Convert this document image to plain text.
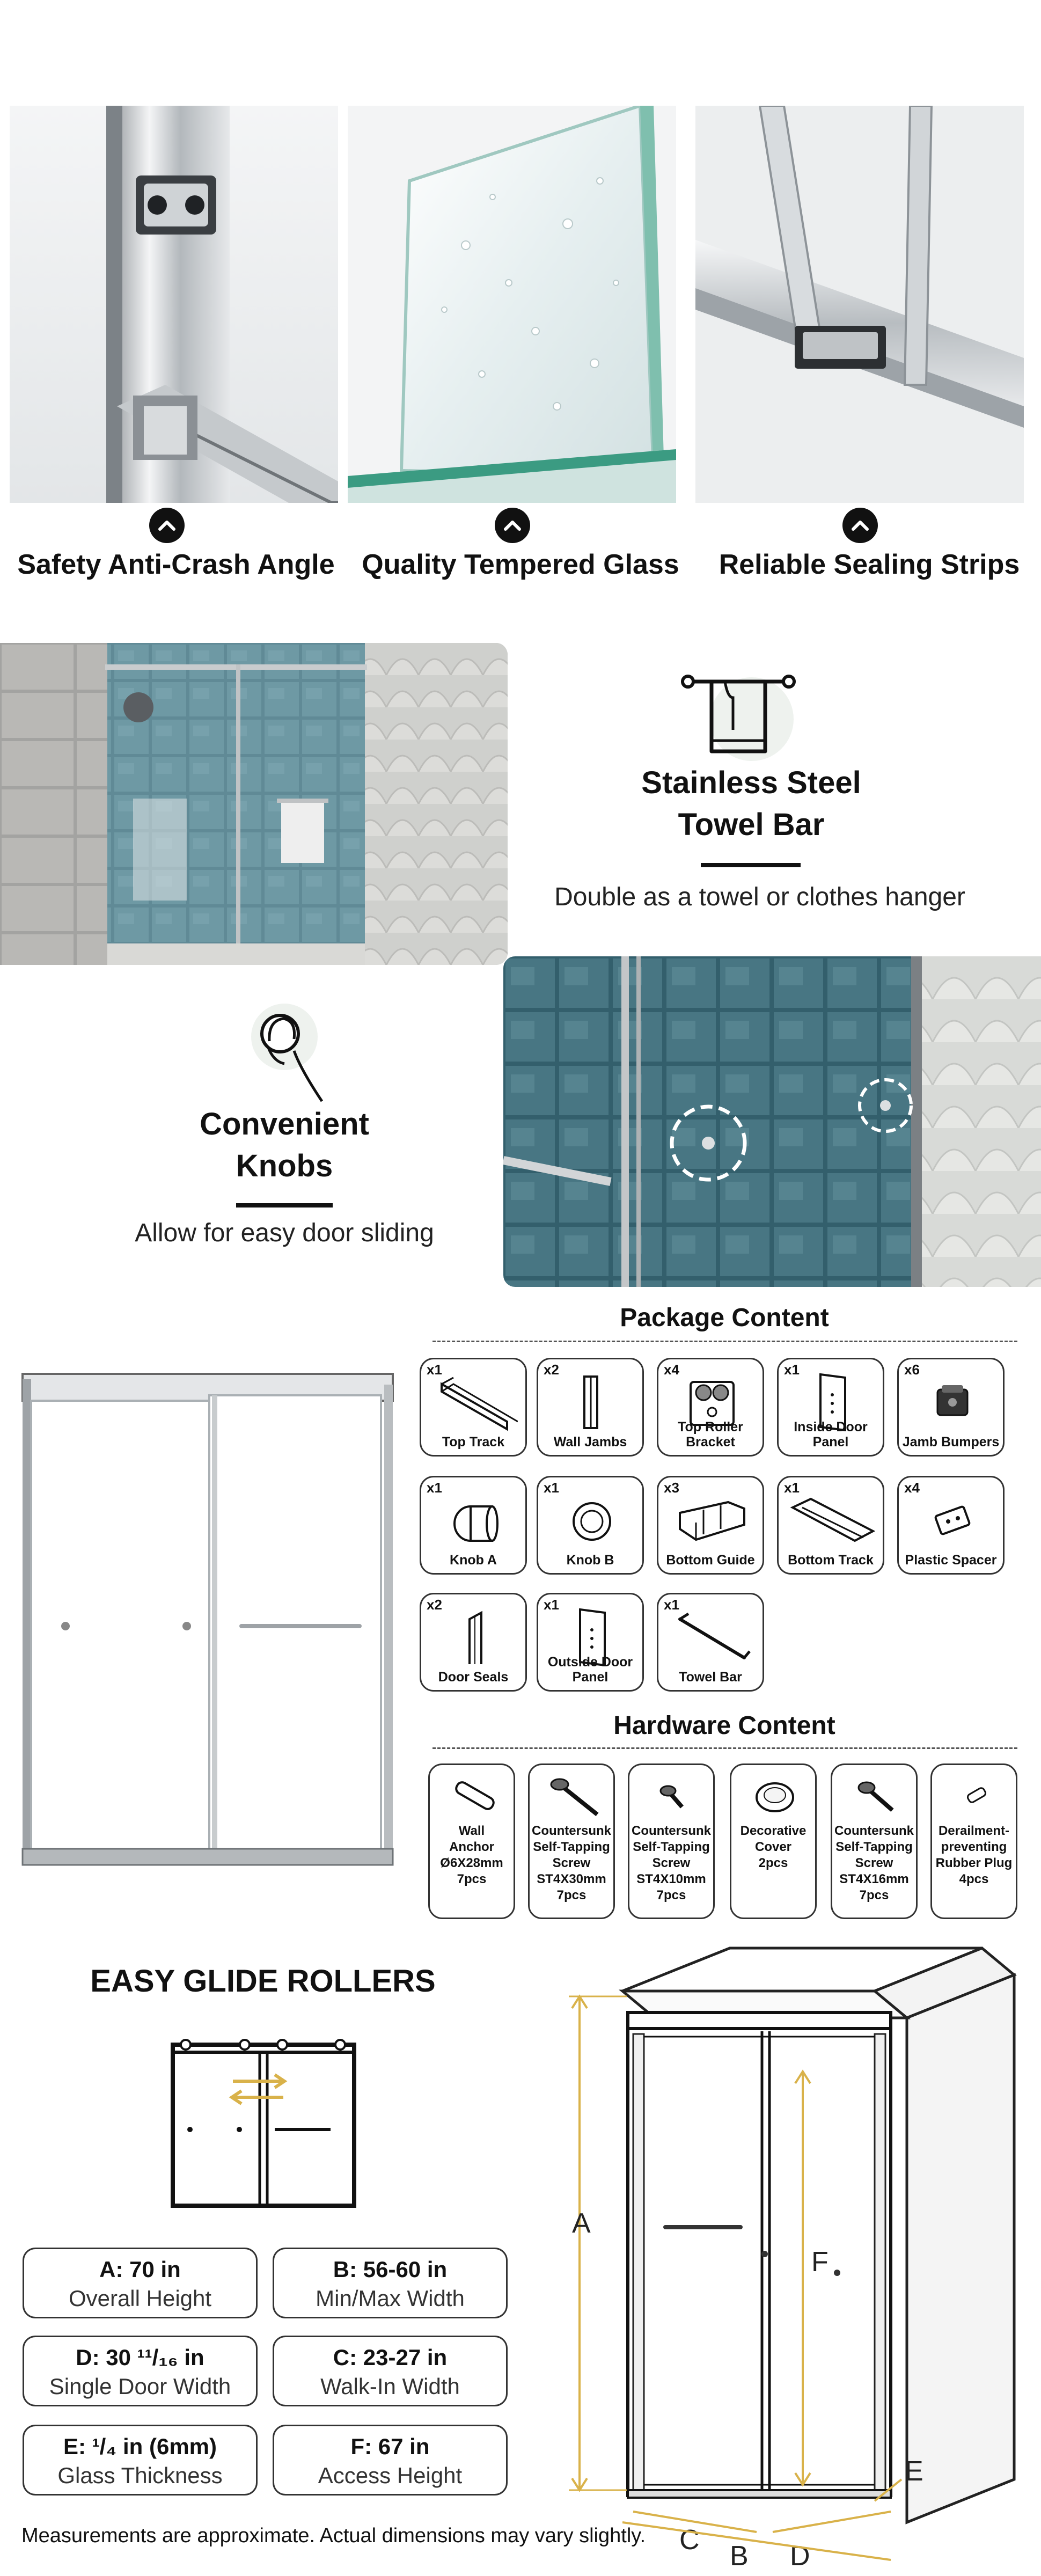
Safety Anti-Crash Angle Quality Tempered Glass	Reliable Sealing Strips
Stainless Steel
Towel Bar
Double as a towel or clothes hanger
Convenient
Knobs
Allow for easy door sliding
Package Content
x1
Top Track
x2
Wall Jambs
x4
Top Roller Bracket
x1
Inside Door Panel
x6
Jamb Bumpers
x1
Knob A
x1
Knob B
x3
Bottom Guide
x1
Bottom Track
x4
Plastic Spacer
x2
Door Seals
x1
Outside Door Panel
x1
Towel Bar
Hardware Content
Wall
Anchor
Ø6X28mm
7pcs
Countersunk
Self-Tapping
Screw
ST4X30mm
7pcs
Countersunk
Self-Tapping
Screw
ST4X10mm
7pcs
Decorative
Cover
2pcs
Countersunk
Self-Tapping
Screw
ST4X16mm
7pcs
Derailment-
preventing
Rubber Plug
4pcs
EASY GLIDE ROLLERS
A: 70 in
Overall Height
B: 56-60 in
Min/Max Width
D: 30 ¹¹/₁₆ in
Single Door Width
C: 23-27 in
Walk-In Width
E: ¹/₄ in (6mm)
Glass Thickness
F: 67 in
Access Height
A
F
C
D
B
E
Measurements are approximate. Actual dimensions may vary slightly.
